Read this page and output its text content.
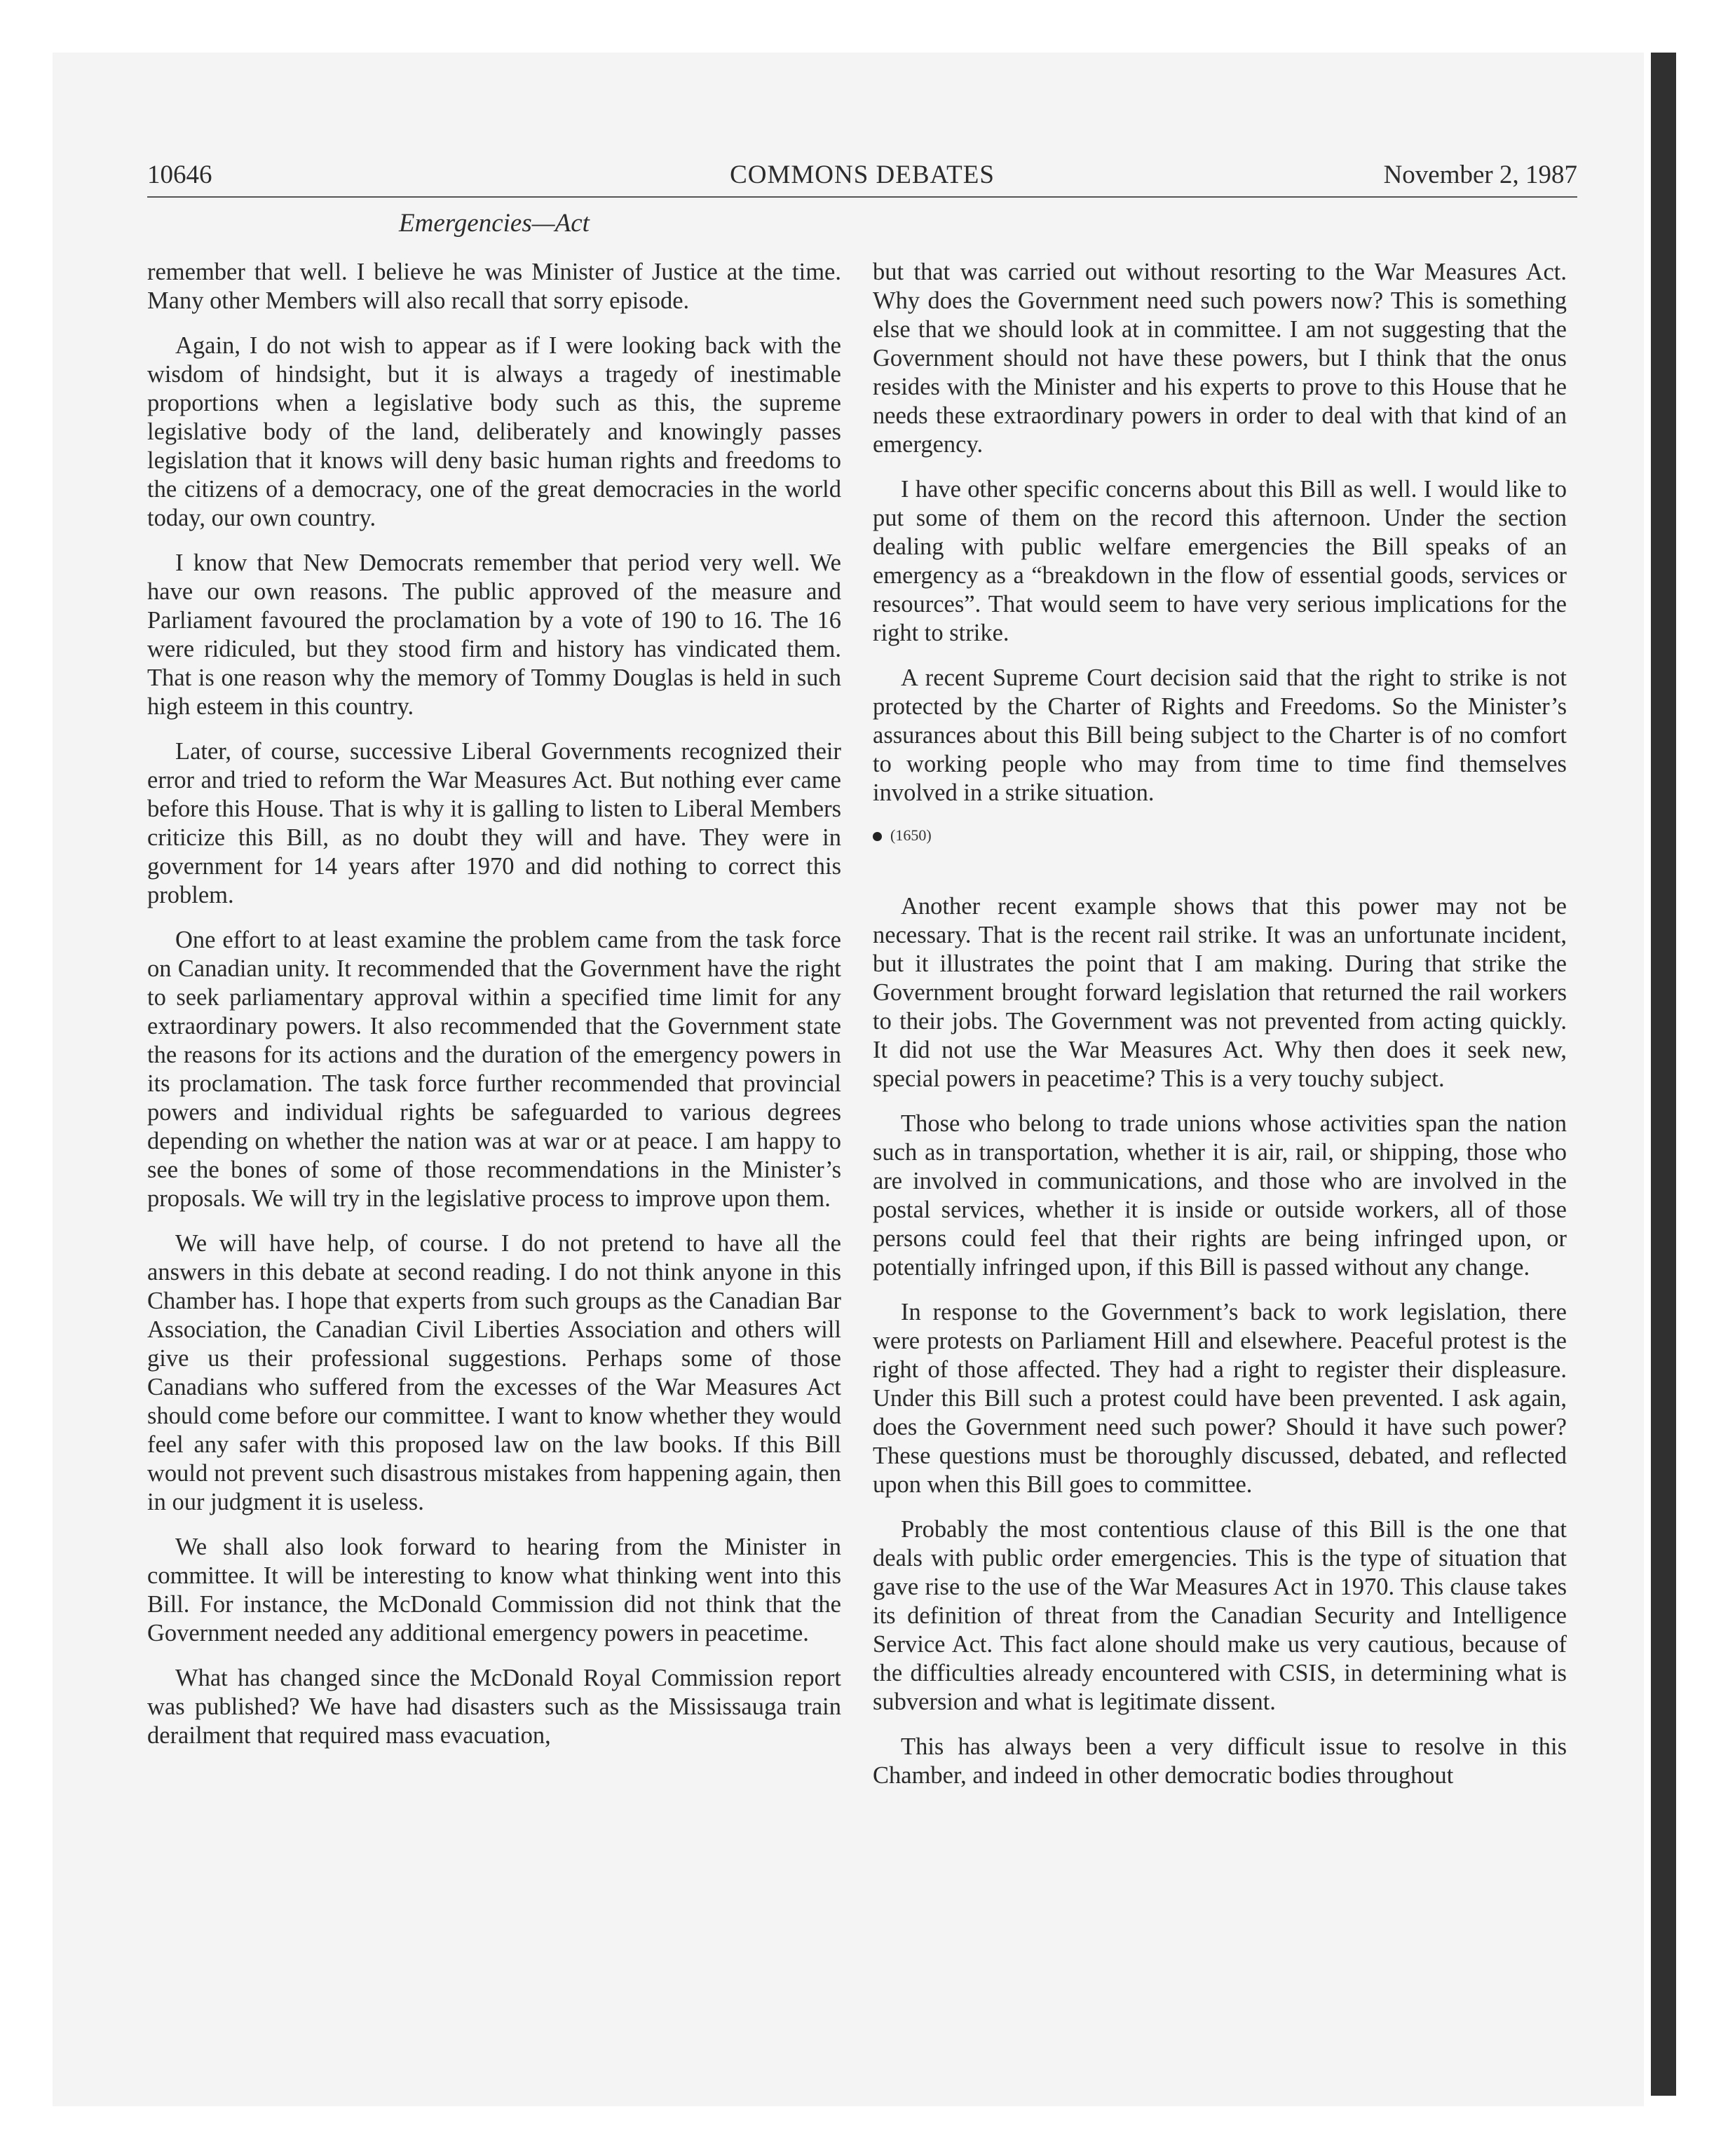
10646	COMMONS DEBATES	November 2, 1987
Emergencies—Act

remember that well. I believe he was Minister of Justice at the time. Many other Members will also recall that sorry episode.

Again, I do not wish to appear as if I were looking back with the wisdom of hindsight, but it is always a tragedy of inestimable proportions when a legislative body such as this, the supreme legislative body of the land, deliberately and knowingly passes legislation that it knows will deny basic human rights and freedoms to the citizens of a democracy, one of the great democracies in the world today, our own country.

I know that New Democrats remember that period very well. We have our own reasons. The public approved of the measure and Parliament favoured the proclamation by a vote of 190 to 16. The 16 were ridiculed, but they stood firm and history has vindicated them. That is one reason why the memory of Tommy Douglas is held in such high esteem in this country.

Later, of course, successive Liberal Governments recognized their error and tried to reform the War Measures Act. But nothing ever came before this House. That is why it is galling to listen to Liberal Members criticize this Bill, as no doubt they will and have. They were in government for 14 years after 1970 and did nothing to correct this problem.

One effort to at least examine the problem came from the task force on Canadian unity. It recommended that the Government have the right to seek parliamentary approval within a specified time limit for any extraordinary powers. It also recommended that the Government state the reasons for its actions and the duration of the emergency powers in its proclamation. The task force further recommended that provincial powers and individual rights be safeguarded to various degrees depending on whether the nation was at war or at peace. I am happy to see the bones of some of those recommendations in the Minister’s proposals. We will try in the legislative process to improve upon them.

We will have help, of course. I do not pretend to have all the answers in this debate at second reading. I do not think anyone in this Chamber has. I hope that experts from such groups as the Canadian Bar Association, the Canadian Civil Liberties Association and others will give us their professional suggestions. Perhaps some of those Canadians who suffered from the excesses of the War Measures Act should come before our committee. I want to know whether they would feel any safer with this proposed law on the law books. If this Bill would not prevent such disastrous mistakes from happening again, then in our judgment it is useless.

We shall also look forward to hearing from the Minister in committee. It will be interesting to know what thinking went into this Bill. For instance, the McDonald Commission did not think that the Government needed any additional emergency powers in peacetime.

What has changed since the McDonald Royal Commission report was published? We have had disasters such as the Mississauga train derailment that required mass evacuation,

but that was carried out without resorting to the War Measures Act. Why does the Government need such powers now? This is something else that we should look at in committee. I am not suggesting that the Government should not have these powers, but I think that the onus resides with the Minister and his experts to prove to this House that he needs these extraordinary powers in order to deal with that kind of an emergency.

I have other specific concerns about this Bill as well. I would like to put some of them on the record this afternoon. Under the section dealing with public welfare emergencies the Bill speaks of an emergency as a “breakdown in the flow of essential goods, services or resources”. That would seem to have very serious implications for the right to strike.

A recent Supreme Court decision said that the right to strike is not protected by the Charter of Rights and Freedoms. So the Minister’s assurances about this Bill being subject to the Charter is of no comfort to working people who may from time to time find themselves involved in a strike situation.

(1650)

Another recent example shows that this power may not be necessary. That is the recent rail strike. It was an unfortunate incident, but it illustrates the point that I am making. During that strike the Government brought forward legislation that returned the rail workers to their jobs. The Government was not prevented from acting quickly. It did not use the War Measures Act. Why then does it seek new, special powers in peacetime? This is a very touchy subject.

Those who belong to trade unions whose activities span the nation such as in transportation, whether it is air, rail, or shipping, those who are involved in communications, and those who are involved in the postal services, whether it is inside or outside workers, all of those persons could feel that their rights are being infringed upon, or potentially infringed upon, if this Bill is passed without any change.

In response to the Government’s back to work legislation, there were protests on Parliament Hill and elsewhere. Peaceful protest is the right of those affected. They had a right to register their displeasure. Under this Bill such a protest could have been prevented. I ask again, does the Government need such power? Should it have such power? These questions must be thoroughly discussed, debated, and reflected upon when this Bill goes to committee.

Probably the most contentious clause of this Bill is the one that deals with public order emergencies. This is the type of situation that gave rise to the use of the War Measures Act in 1970. This clause takes its definition of threat from the Canadian Security and Intelligence Service Act. This fact alone should make us very cautious, because of the difficulties already encountered with CSIS, in determining what is subversion and what is legitimate dissent.

This has always been a very difficult issue to resolve in this Chamber, and indeed in other democratic bodies throughout
